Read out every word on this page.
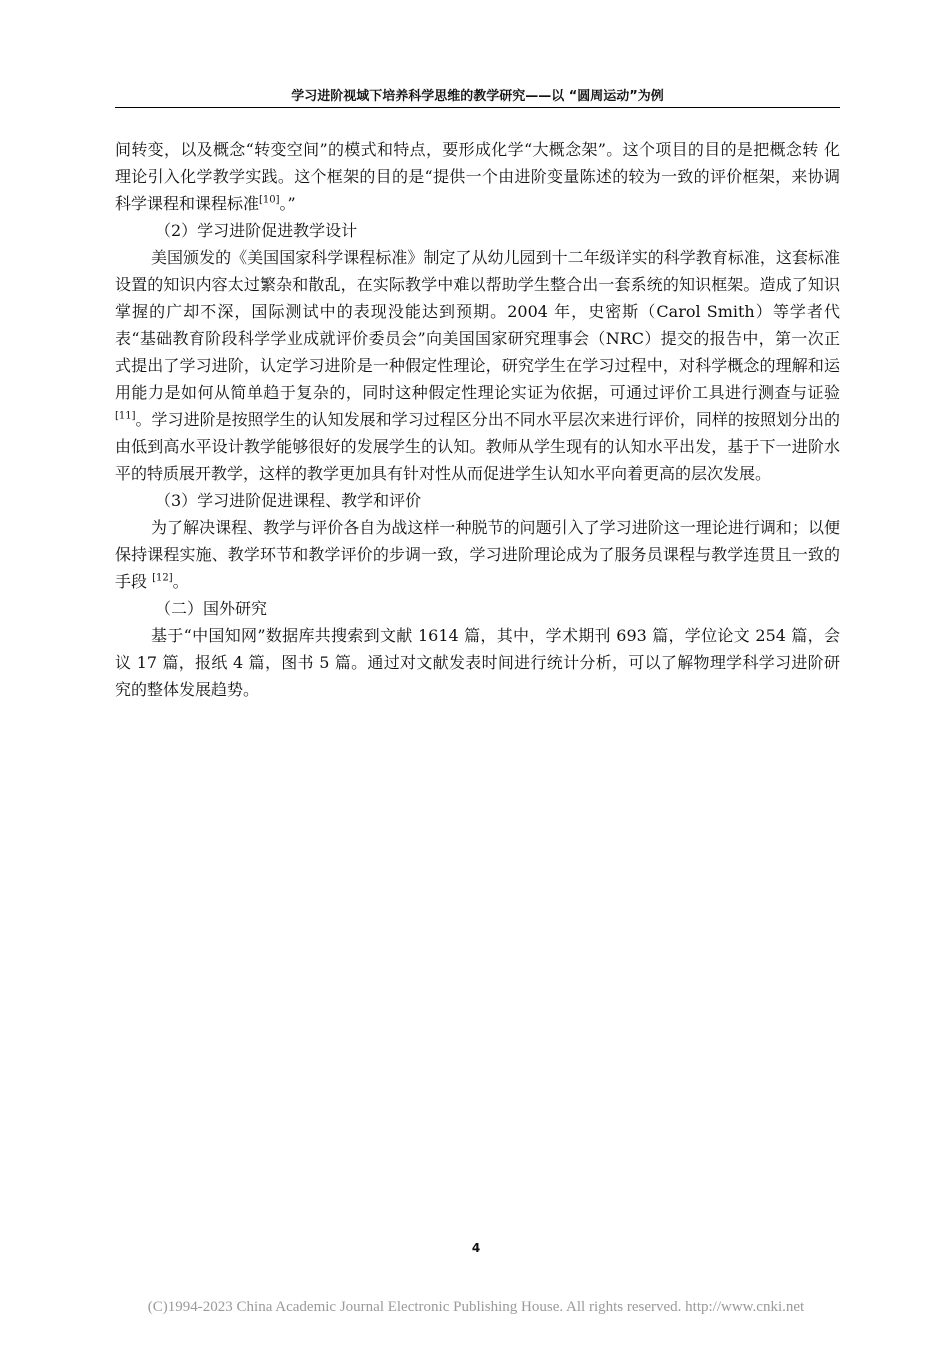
学习进阶视域下培养科学思维的教学研究——以 “圆周运动”为例

间转变，以及概念“转变空间”的模式和特点，要形成化学“大概念架”。这个项目的目的是把概念转 化理论引入化学教学实践。这个框架的目的是“提供一个由进阶变量陈述的较为一致的评价框架，来协调科学课程和课程标准[10]。”

（2）学习进阶促进教学设计

美国颁发的《美国国家科学课程标准》制定了从幼儿园到十二年级详实的科学教育标准，这套标准设置的知识内容太过繁杂和散乱，在实际教学中难以帮助学生整合出一套系统的知识框架。造成了知识掌握的广却不深，国际测试中的表现没能达到预期。2004 年，史密斯（Carol Smith）等学者代表“基础教育阶段科学学业成就评价委员会”向美国国家研究理事会（NRC）提交的报告中，第一次正式提出了学习进阶，认定学习进阶是一种假定性理论，研究学生在学习过程中，对科学概念的理解和运用能力是如何从简单趋于复杂的，同时这种假定性理论实证为依据，可通过评价工具进行测查与证验[11]。学习进阶是按照学生的认知发展和学习过程区分出不同水平层次来进行评价，同样的按照划分出的由低到高水平设计教学能够很好的发展学生的认知。教师从学生现有的认知水平出发，基于下一进阶水平的特质展开教学，这样的教学更加具有针对性从而促进学生认知水平向着更高的层次发展。

（3）学习进阶促进课程、教学和评价

为了解决课程、教学与评价各自为战这样一种脱节的问题引入了学习进阶这一理论进行调和；以便保持课程实施、教学环节和教学评价的步调一致，学习进阶理论成为了服务员课程与教学连贯且一致的手段 [12]。

（二）国外研究

基于“中国知网”数据库共搜索到文献 1614 篇，其中，学术期刊 693 篇，学位论文 254 篇，会议 17 篇，报纸 4 篇，图书 5 篇。通过对文献发表时间进行统计分析，可以了解物理学科学习进阶研究的整体发展趋势。

4
(C)1994-2023 China Academic Journal Electronic Publishing House. All rights reserved. http://www.cnki.net
